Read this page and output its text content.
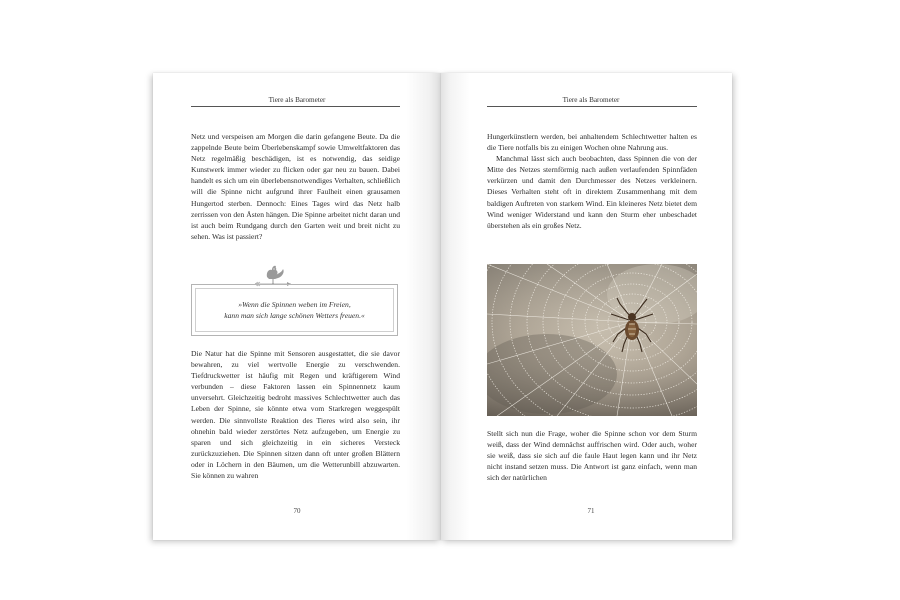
Tiere als Barometer

Netz und verspeisen am Morgen die darin gefangene Beute. Da die zappelnde Beute beim Überlebenskampf sowie Umweltfaktoren das Netz regelmäßig beschädigen, ist es notwendig, das seidige Kunstwerk immer wieder zu flicken oder gar neu zu bauen. Dabei handelt es sich um ein überlebensnotwendiges Verhalten, schließlich will die Spinne nicht aufgrund ihrer Faulheit einen grausamen Hungertod sterben. Dennoch: Eines Tages wird das Netz halb zerrissen von den Ästen hängen. Die Spinne arbeitet nicht daran und ist auch beim Rundgang durch den Garten weit und breit nicht zu sehen. Was ist passiert?

»Wenn die Spinnen weben im Freien,
kann man sich lange schönen Wetters freuen.«

Die Natur hat die Spinne mit Sensoren ausgestattet, die sie davor bewahren, zu viel wertvolle Energie zu verschwenden. Tiefdruckwetter ist häufig mit Regen und kräftigerem Wind verbunden – diese Faktoren lassen ein Spinnennetz kaum unversehrt. Gleichzeitig bedroht massives Schlechtwetter auch das Leben der Spinne, sie könnte etwa vom Starkregen weggespült werden. Die sinnvollste Reaktion des Tieres wird also sein, ihr ohnehin bald wieder zerstörtes Netz aufzugeben, um Energie zu sparen und sich gleichzeitig in ein sicheres Versteck zurückzuziehen. Die Spinnen sitzen dann oft unter großen Blättern oder in Löchern in den Bäumen, um die Wetterunbill abzuwarten. Sie können zu wahren

70
Tiere als Barometer

Hungerkünstlern werden, bei anhaltendem Schlechtwetter halten es die Tiere notfalls bis zu einigen Wochen ohne Nahrung aus.

Manchmal lässt sich auch beobachten, dass Spinnen die von der Mitte des Netzes sternförmig nach außen verlaufenden Spinnfäden verkürzen und damit den Durchmesser des Netzes verkleinern. Dieses Verhalten steht oft in direktem Zusammenhang mit dem baldigen Auftreten von starkem Wind. Ein kleineres Netz bietet dem Wind weniger Widerstand und kann den Sturm eher unbeschadet überstehen als ein großes Netz.

Stellt sich nun die Frage, woher die Spinne schon vor dem Sturm weiß, dass der Wind demnächst auffrischen wird. Oder auch, woher sie weiß, dass sie sich auf die faule Haut legen kann und ihr Netz nicht instand setzen muss. Die Antwort ist ganz einfach, wenn man sich der natürlichen

71
